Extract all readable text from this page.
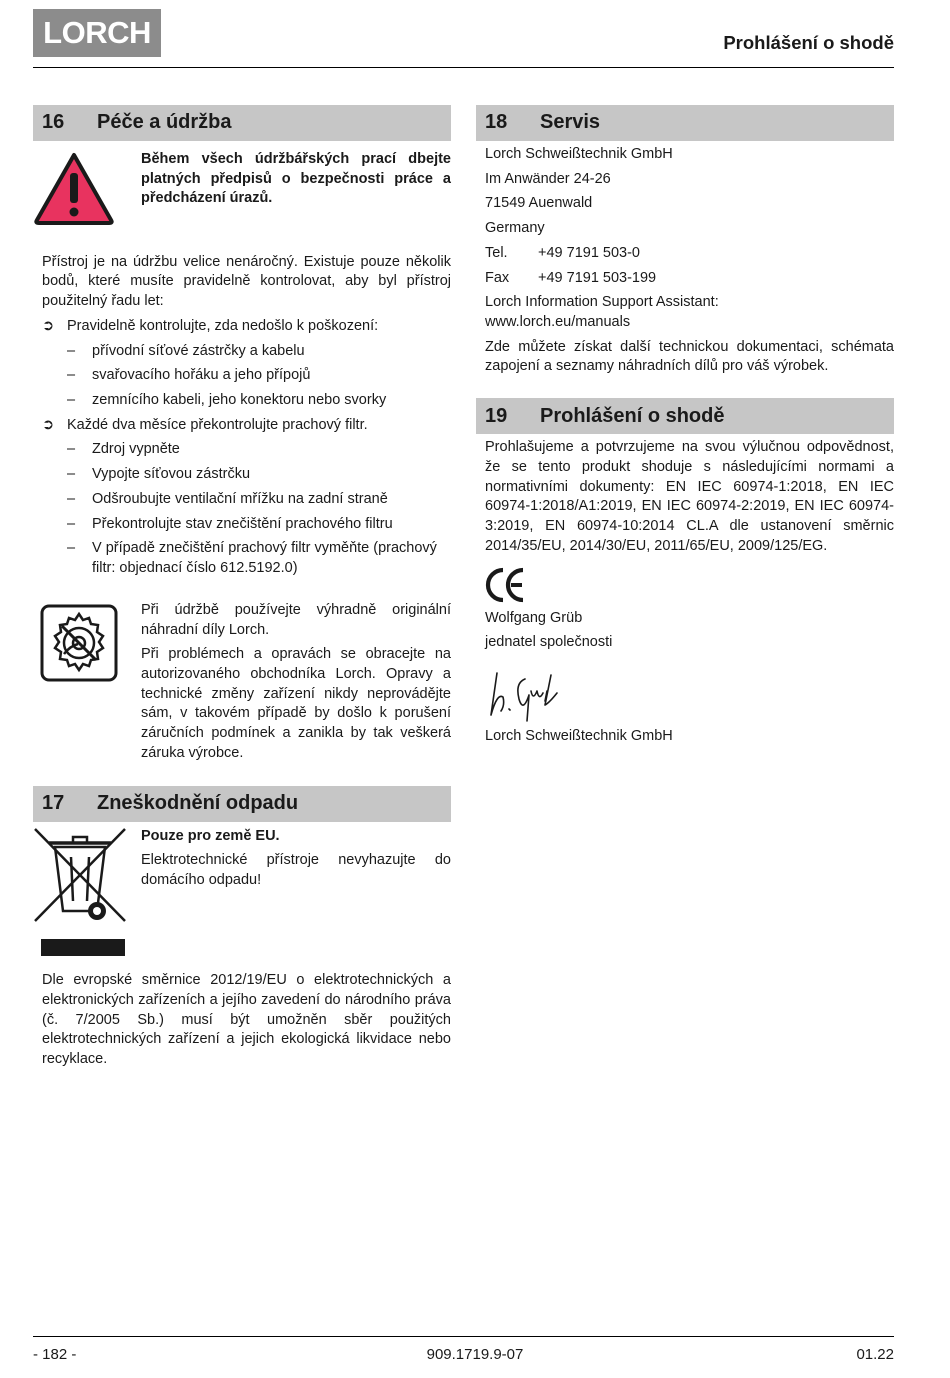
LORCH	Prohlášení o shodě
16	Péče a údržba

Během všech údržbářských prací dbejte platných předpisů o bezpečnosti práce a předcházení úrazů.

Přístroj je na údržbu velice nenáročný. Existuje pouze několik bodů, které musíte pravidelně kontrolovat, aby byl přístroj použitelný řadu let:

➲ Pravidelně kontrolujte, zda nedošlo k poškození:
– přívodní síťové zástrčky a kabelu
– svařovacího hořáku a jeho přípojů
– zemnícího kabeli, jeho konektoru nebo svorky
➲ Každé dva měsíce překontrolujte prachový filtr.
– Zdroj vypněte
– Vypojte síťovou zástrčku
– Odšroubujte ventilační mřížku na zadní straně
– Překontrolujte stav znečištění prachového filtru
– V případě znečištění prachový filtr vyměňte (prachový filtr: objednací číslo 612.5192.0)

Při údržbě používejte výhradně originální náhradní díly Lorch.

Při problémech a opravách se obracejte na autorizovaného obchodníka Lorch. Opravy a technické změny zařízení nikdy neprovádějte sám, v takovém případě by došlo k porušení záručních podmínek a zanikla by tak veškerá záruka výrobce.

17	Zneškodnění odpadu

Pouze pro země EU.

Elektrotechnické přístroje nevyhazujte do domácího odpadu!

Dle evropské směrnice 2012/19/EU o elektrotechnických a elektronických zařízeních a jejího zavedení do národního práva (č. 7/2005 Sb.) musí být umožněn sběr použitých elektrotechnických zařízení a jejich ekologická likvidace nebo recyklace.

18	Servis
Lorch Schweißtechnik GmbH
Im Anwänder 24-26
71549 Auenwald
Germany
Tel.	+49 7191 503-0
Fax	+49 7191 503-199
Lorch Information Support Assistant:
www.lorch.eu/manuals

Zde můžete získat další technickou dokumentaci, schémata zapojení a seznamy náhradních dílů pro váš výrobek.

19	Prohlášení o shodě

Prohlašujeme a potvrzujeme na svou výlučnou odpovědnost, že se tento produkt shoduje s následujícími normami a normativními dokumenty: EN IEC 60974-1:2018, EN IEC 60974-1:2018/A1:2019, EN IEC 60974-2:2019, EN IEC 60974-3:2019, EN 60974-10:2014 CL.A dle ustanovení směrnic 2014/35/EU, 2014/30/EU, 2011/65/EU, 2009/125/EG.

Wolfgang Grüb
jednatel společnosti
Lorch Schweißtechnik GmbH
- 182 -	909.1719.9-07	01.22
